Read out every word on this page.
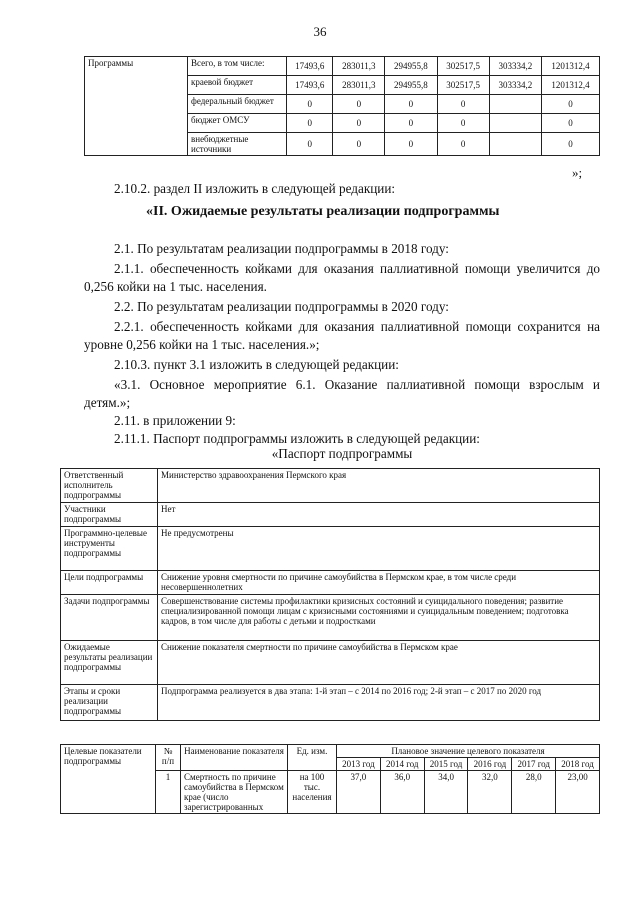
36
Программы	Всего, в том числе:	17493,6	283011,3	294955,8	302517,5	303334,2	1201312,4
	краевой бюджет	17493,6	283011,3	294955,8	302517,5	303334,2	1201312,4
	федеральный бюджет	0	0	0	0		0
	бюджет ОМСУ	0	0	0	0		0
	внебюджетные источники	0	0	0	0		0
»;
2.10.2. раздел II изложить в следующей редакции:
«II. Ожидаемые результаты реализации подпрограммы
2.1. По результатам реализации подпрограммы в 2018 году:
2.1.1. обеспеченность койками для оказания паллиативной помощи увеличится до 0,256 койки на 1 тыс. населения.
2.2. По результатам реализации подпрограммы в 2020 году:
2.2.1. обеспеченность койками для оказания паллиативной помощи сохранится на уровне 0,256 койки на 1 тыс. населения.»;
2.10.3. пункт 3.1 изложить в следующей редакции:
«3.1. Основное мероприятие 6.1. Оказание паллиативной помощи взрослым и детям.»;
2.11. в приложении 9:
2.11.1. Паспорт подпрограммы изложить в следующей редакции:
«Паспорт подпрограммы
Ответственный исполнитель подпрограммы	Министерство здравоохранения Пермского края
Участники подпрограммы	Нет
Программно-целевые инструменты подпрограммы	Не предусмотрены
Цели подпрограммы	Снижение уровня смертности по причине самоубийства в Пермском крае, в том числе среди несовершеннолетних
Задачи подпрограммы	Совершенствование системы профилактики кризисных состояний и суицидального поведения; развитие специализированной помощи лицам с кризисными состояниями и суицидальным поведением; подготовка кадров, в том числе для работы с детьми и подростками
Ожидаемые результаты реализации подпрограммы	Снижение показателя смертности по причине самоубийства в Пермском крае
Этапы и сроки реализации подпрограммы	Подпрограмма реализуется в два этапа: 1-й этап – с 2014 по 2016 год; 2-й этап – с 2017 по 2020 год
Целевые показатели подпрограммы	№ п/п	Наименование показателя	Ед. изм.	Плановое значение целевого показателя					
				2013 год	2014 год	2015 год	2016 год	2017 год	2018 год
	1	Смертность по причине самоубийства в Пермском крае (число зарегистрированных	на 100 тыс. населения	37,0	36,0	34,0	32,0	28,0	23,00
